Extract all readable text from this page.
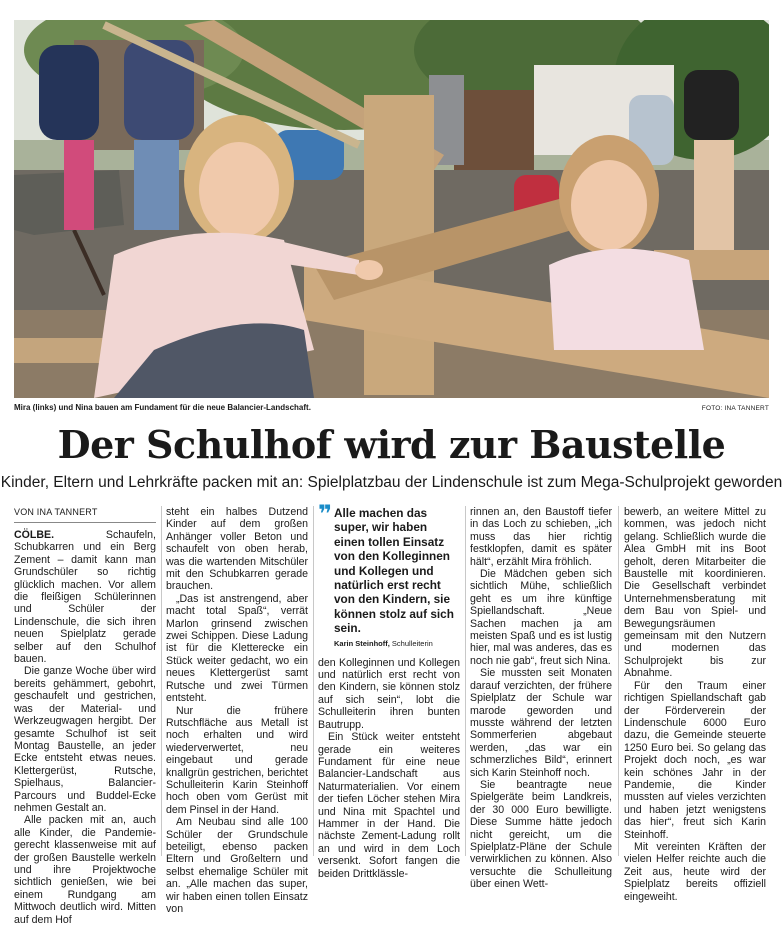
Mira (links) und Nina bauen am Fundament für die neue Balancier-Landschaft.	FOTO: INA TANNERT
Der Schulhof wird zur Baustelle
Kinder, Eltern und Lehrkräfte packen mit an: Spielplatzbau der Lindenschule ist zum Mega-Schulprojekt geworden
VON INA TANNERT

CÖLBE. Schaufeln, Schubkarren und ein Berg Zement – damit kann man Grundschüler so richtig glücklich machen. Vor allem die fleißigen Schülerinnen und Schüler der Lindenschule, die sich ihren neuen Spielplatz gerade selber auf den Schulhof bauen.

Die ganze Woche über wird bereits gehämmert, gebohrt, geschaufelt und gestrichen, was der Material- und Werkzeugwagen hergibt. Der gesamte Schulhof ist seit Montag Baustelle, an jeder Ecke entsteht etwas neues. Klettergerüst, Rutsche, Spielhaus, Balancier-Parcours und Buddel-Ecke nehmen Gestalt an.

Alle packen mit an, auch alle Kinder, die Pandemie-gerecht klassenweise mit auf der großen Baustelle werkeln und ihre Projektwoche sichtlich genießen, wie bei einem Rundgang am Mittwoch deutlich wird. Mitten auf dem Hof

steht ein halbes Dutzend Kinder auf dem großen Anhänger voller Beton und schaufelt von oben herab, was die wartenden Mitschüler mit den Schubkarren gerade brauchen.

„Das ist anstrengend, aber macht total Spaß“, verrät Marlon grinsend zwischen zwei Schippen. Diese Ladung ist für die Kletterecke ein Stück weiter gedacht, wo ein neues Klettergerüst samt Rutsche und zwei Türmen entsteht.

Nur die frühere Rutschfläche aus Metall ist noch erhalten und wird wiederverwertet, neu eingebaut und gerade knallgrün gestrichen, berichtet Schulleiterin Karin Steinhoff hoch oben vom Gerüst mit dem Pinsel in der Hand.

Am Neubau sind alle 100 Schüler der Grundschule beteiligt, ebenso packen Eltern und Großeltern und selbst ehemalige Schüler mit an. „Alle machen das super, wir haben einen tollen Einsatz von

❞ Alle machen das super, wir haben einen tollen Einsatz von den Kolleginnen und Kollegen und natürlich erst recht von den Kindern, sie können stolz auf sich sein.
Karin Steinhoff, Schulleiterin

den Kolleginnen und Kollegen und natürlich erst recht von den Kindern, sie können stolz auf sich sein“, lobt die Schulleiterin ihren bunten Bautrupp.

Ein Stück weiter entsteht gerade ein weiteres Fundament für eine neue Balancier-Landschaft aus Naturmaterialien. Vor einem der tiefen Löcher stehen Mira und Nina mit Spachtel und Hammer in der Hand. Die nächste Zement-Ladung rollt an und wird in dem Loch versenkt. Sofort fangen die beiden Drittklässle-

rinnen an, den Baustoff tiefer in das Loch zu schieben, „ich muss das hier richtig festklopfen, damit es später hält“, erzählt Mira fröhlich.

Die Mädchen geben sich sichtlich Mühe, schließlich geht es um ihre künftige Spiellandschaft. „Neue Sachen machen ja am meisten Spaß und es ist lustig hier, mal was anderes, das es noch nie gab“, freut sich Nina.

Sie mussten seit Monaten darauf verzichten, der frühere Spielplatz der Schule war marode geworden und musste während der letzten Sommerferien abgebaut werden, „das war ein schmerzliches Bild“, erinnert sich Karin Steinhoff noch.

Sie beantragte neue Spielgeräte beim Landkreis, der 30 000 Euro bewilligte. Diese Summe hätte jedoch nicht gereicht, um die Spielplatz-Pläne der Schule verwirklichen zu können. Also versuchte die Schulleitung über einen Wett-

bewerb, an weitere Mittel zu kommen, was jedoch nicht gelang. Schließlich wurde die Alea GmbH mit ins Boot geholt, deren Mitarbeiter die Baustelle mit koordinieren. Die Gesellschaft verbindet Unternehmensberatung mit dem Bau von Spiel- und Bewegungsräumen gemeinsam mit den Nutzern und modernen das Schulprojekt bis zur Abnahme.

Für den Traum einer richtigen Spiellandschaft gab der Förderverein der Lindenschule 6000 Euro dazu, die Gemeinde steuerte 1250 Euro bei. So gelang das Projekt doch noch, „es war kein schönes Jahr in der Pandemie, die Kinder mussten auf vieles verzichten und haben jetzt wenigstens das hier“, freut sich Karin Steinhoff.

Mit vereinten Kräften der vielen Helfer reichte auch die Zeit aus, heute wird der Spielplatz bereits offiziell eingeweiht.
